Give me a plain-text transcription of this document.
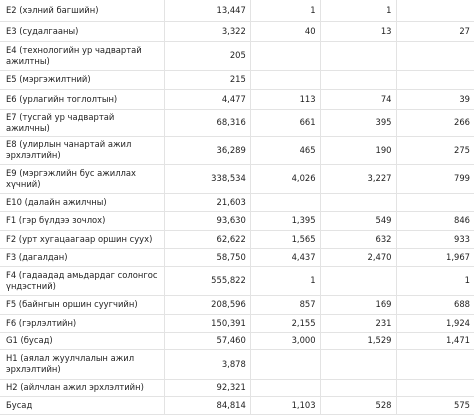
E2 (хэлний багшийн)	13,447	1	1	
E3 (судалгааны)	3,322	40	13	27
E4 (технологийн ур чадвартай ажилтны)	205			
E5 (мэргэжилтний)	215			
E6 (урлагийн тоглолтын)	4,477	113	74	39
E7 (тусгай ур чадвартай ажилчны)	68,316	661	395	266
E8 (улирлын чанартай ажил эрхлэлтийн)	36,289	465	190	275
E9 (мэргэжлийн бус ажиллах хүчний)	338,534	4,026	3,227	799
E10 (далайн ажилчны)	21,603			
F1 (гэр бүлдээ зочлох)	93,630	1,395	549	846
F2 (урт хугацаагаар оршин суух)	62,622	1,565	632	933
F3 (дагалдан)	58,750	4,437	2,470	1,967
F4 (гадаадад амьдардаг солонгос үндэстний)	555,822	1		1
F5 (байнгын оршин суугчийн)	208,596	857	169	688
F6 (гэрлэлтийн)	150,391	2,155	231	1,924
G1 (бусад)	57,460	3,000	1,529	1,471
H1 (аялал жуулчлалын ажил эрхлэлтийн)	3,878			
H2 (айлчлан ажил эрхлэлтийн)	92,321			
Бусад	84,814	1,103	528	575
